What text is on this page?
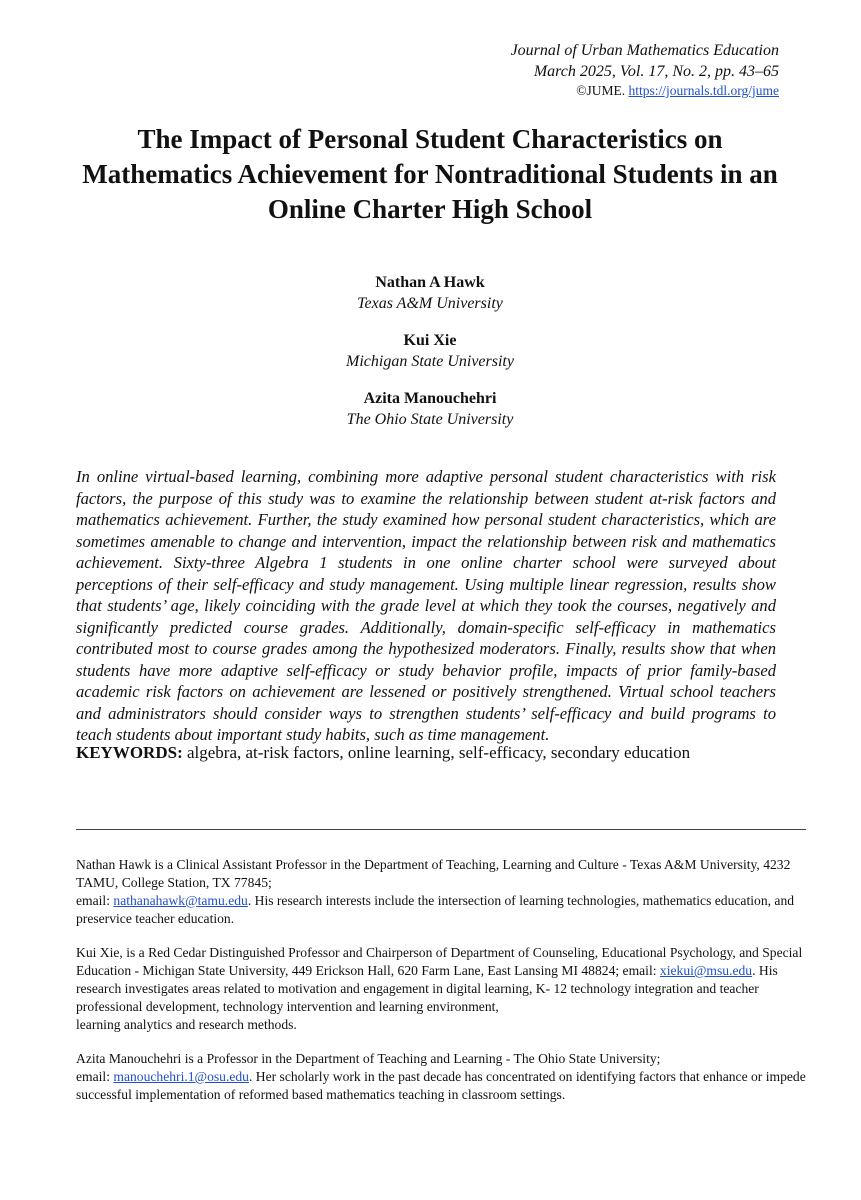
Journal of Urban Mathematics Education
March 2025, Vol. 17, No. 2, pp. 43–65
©JUME. https://journals.tdl.org/jume
The Impact of Personal Student Characteristics on Mathematics Achievement for Nontraditional Students in an Online Charter High School
Nathan A Hawk
Texas A&M University
Kui Xie
Michigan State University
Azita Manouchehri
The Ohio State University

In online virtual-based learning, combining more adaptive personal student characteristics with risk factors, the purpose of this study was to examine the relationship between student at-risk factors and mathematics achievement. Further, the study examined how personal student characteristics, which are sometimes amenable to change and intervention, impact the relationship between risk and mathematics achievement. Sixty-three Algebra 1 students in one online charter school were surveyed about perceptions of their self-efficacy and study management. Using multiple linear regression, results show that students’ age, likely coinciding with the grade level at which they took the courses, negatively and significantly predicted course grades. Additionally, domain-specific self-efficacy in mathematics contributed most to course grades among the hypothesized moderators. Finally, results show that when students have more adaptive self-efficacy or study behavior profile, impacts of prior family-based academic risk factors on achievement are lessened or positively strengthened. Virtual school teachers and administrators should consider ways to strengthen students’ self-efficacy and build programs to teach students about important study habits, such as time management.

KEYWORDS: algebra, at-risk factors, online learning, self-efficacy, secondary education

Nathan Hawk is a Clinical Assistant Professor in the Department of Teaching, Learning and Culture - Texas A&M University, 4232 TAMU, College Station, TX 77845;
email: nathanahawk@tamu.edu. His research interests include the intersection of learning technologies, mathematics education, and preservice teacher education.

Kui Xie, is a Red Cedar Distinguished Professor and Chairperson of Department of Counseling, Educational Psychology, and Special Education - Michigan State University, 449 Erickson Hall, 620 Farm Lane, East Lansing MI 48824; email: xiekui@msu.edu. His research investigates areas related to motivation and engagement in digital learning, K- 12 technology integration and teacher professional development, technology intervention and learning environment,
learning analytics and research methods.

Azita Manouchehri is a Professor in the Department of Teaching and Learning - The Ohio State University;
email: manouchehri.1@osu.edu. Her scholarly work in the past decade has concentrated on identifying factors that enhance or impede successful implementation of reformed based mathematics teaching in classroom settings.
